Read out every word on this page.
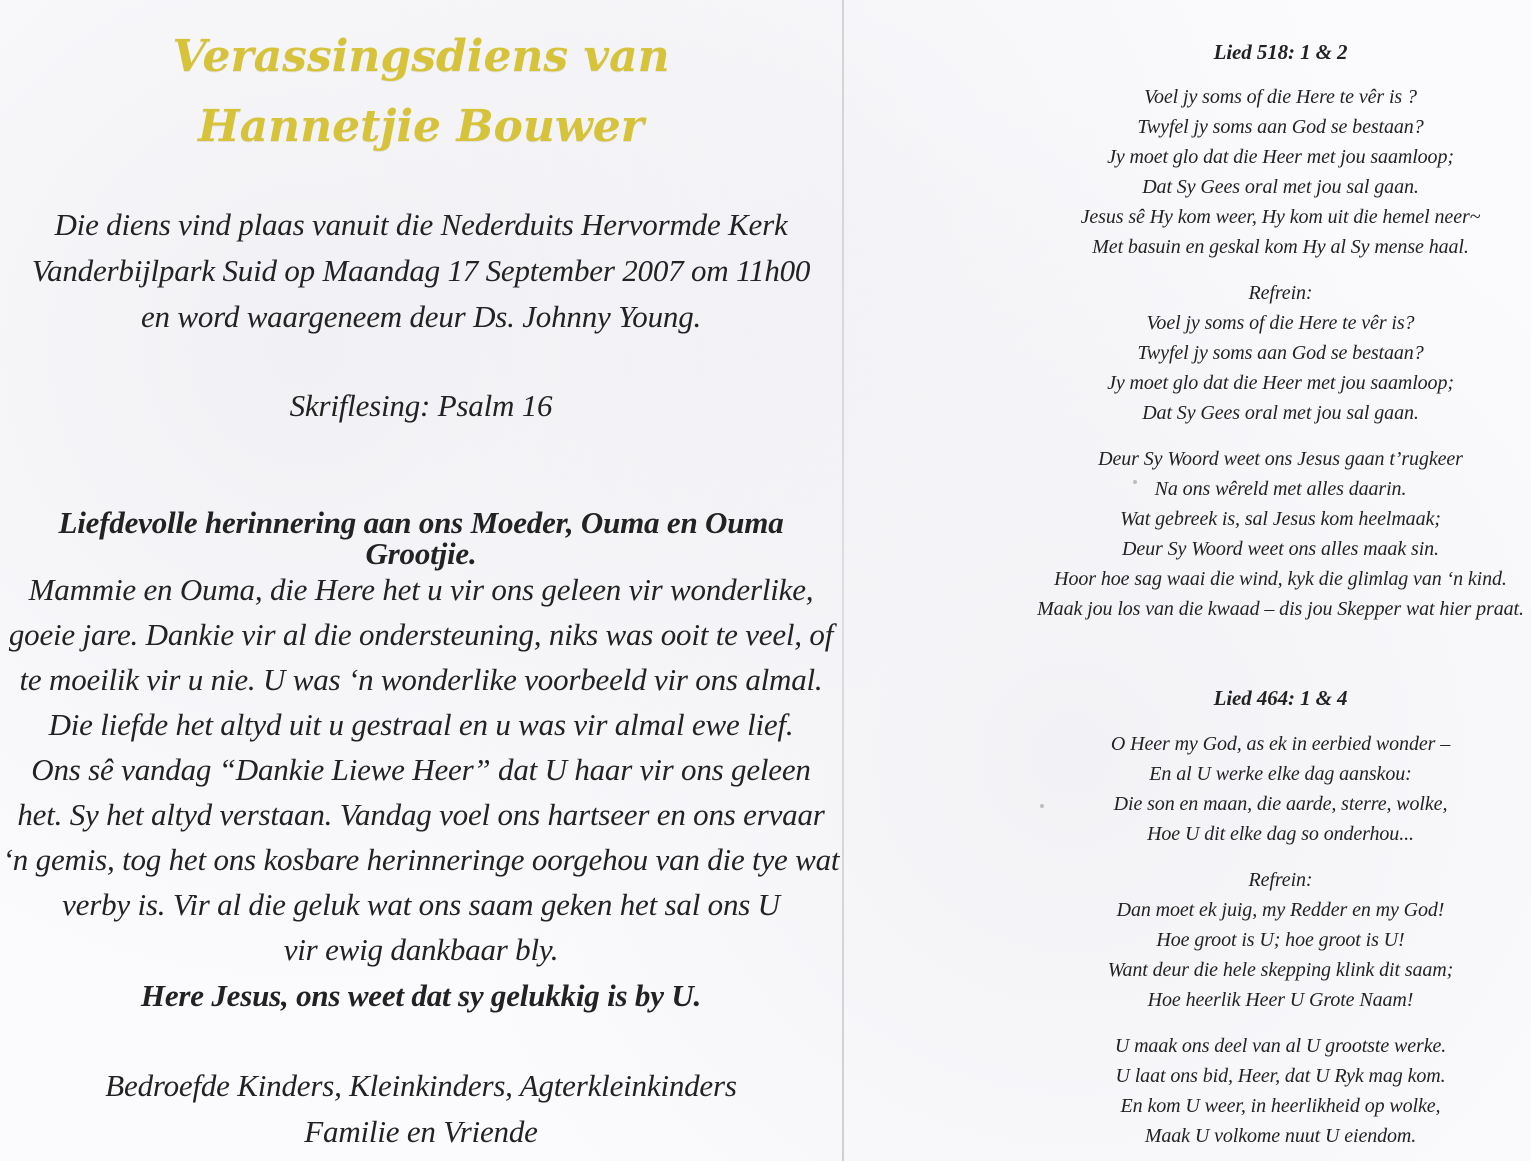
Verassingsdiens van
Hannetjie Bouwer
Die diens vind plaas vanuit die Nederduits Hervormde Kerk
Vanderbijlpark Suid op Maandag 17 September 2007 om 11h00
en word waargeneem deur Ds. Johnny Young.
Skriflesing: Psalm 16
Liefdevolle herinnering aan ons Moeder, Ouma en Ouma Grootjie.
Mammie en Ouma, die Here het u vir ons geleen vir wonderlike,
goeie jare. Dankie vir al die ondersteuning, niks was ooit te veel, of
te moeilik vir u nie. U was ‘n wonderlike voorbeeld vir ons almal.
Die liefde het altyd uit u gestraal en u was vir almal ewe lief.
Ons sê vandag “Dankie Liewe Heer” dat U haar vir ons geleen
het. Sy het altyd verstaan. Vandag voel ons hartseer en ons ervaar
‘n gemis, tog het ons kosbare herinneringe oorgehou van die tye wat
verby is. Vir al die geluk wat ons saam geken het sal ons U
vir ewig dankbaar bly.
Here Jesus, ons weet dat sy gelukkig is by U.
Bedroefde Kinders, Kleinkinders, Agterkleinkinders
Familie en Vriende
Lied 518: 1 & 2
Voel jy soms of die Here te vêr is ?
Twyfel jy soms aan God se bestaan?
Jy moet glo dat die Heer met jou saamloop;
Dat Sy Gees oral met jou sal gaan.
Jesus sê Hy kom weer, Hy kom uit die hemel neer~
Met basuin en geskal kom Hy al Sy mense haal.
Refrein:
Voel jy soms of die Here te vêr is?
Twyfel jy soms aan God se bestaan?
Jy moet glo dat die Heer met jou saamloop;
Dat Sy Gees oral met jou sal gaan.
Deur Sy Woord weet ons Jesus gaan t’rugkeer
Na ons wêreld met alles daarin.
Wat gebreek is, sal Jesus kom heelmaak;
Deur Sy Woord weet ons alles maak sin.
Hoor hoe sag waai die wind, kyk die glimlag van ‘n kind.
Maak jou los van die kwaad – dis jou Skepper wat hier praat.
Lied 464: 1 & 4
O Heer my God, as ek in eerbied wonder –
En al U werke elke dag aanskou:
Die son en maan, die aarde, sterre, wolke,
Hoe U dit elke dag so onderhou...
Refrein:
Dan moet ek juig, my Redder en my God!
Hoe groot is U; hoe groot is U!
Want deur die hele skepping klink dit saam;
Hoe heerlik Heer U Grote Naam!
U maak ons deel van al U grootste werke.
U laat ons bid, Heer, dat U Ryk mag kom.
En kom U weer, in heerlikheid op wolke,
Maak U volkome nuut U eiendom.
